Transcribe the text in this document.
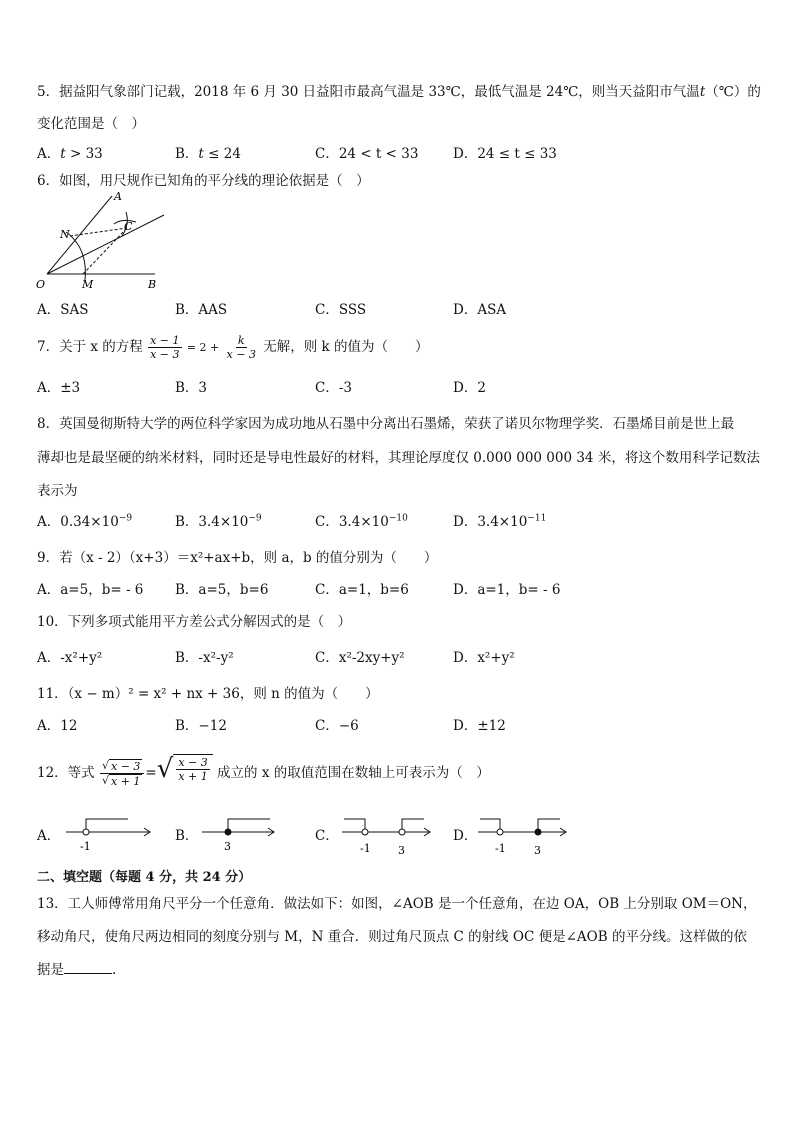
5．据益阳气象部门记载，2018 年 6 月 30 日益阳市最高气温是 33℃，最低气温是 24℃，则当天益阳市气温t（℃）的
变化范围是（　）
A．t > 33	B．t ≤ 24	C．24 < t < 33	D．24 ≤ t ≤ 33
6．如图，用尺规作已知角的平分线的理论依据是（　）
A
C
N
O	M	B
A．SAS	B．AAS	C．SSS	D．ASA
7．关于 x 的方程 $\frac{x - 1}{x - 3} = 2 + \frac{k}{x - 3}$ 无解，则 k 的值为（　　）
A．±3	B．3	C．-3	D．2
8．英国曼彻斯特大学的两位科学家因为成功地从石墨中分离出石墨烯，荣获了诺贝尔物理学奖．石墨烯目前是世上最
薄却也是最坚硬的纳米材料，同时还是导电性最好的材料，其理论厚度仅 0.000 000 000 34 米，将这个数用科学记数法
表示为
A．$0.34\times 10^{-9}$	B．$3.4\times 10^{-9}$	C．$3.4\times 10^{-10}$	D．$3.4\times 10^{-11}$
9．若（x - 2）（x+3）＝x²+ax+b，则 a，b 的值分别为（　　）
A．a=5，b= - 6 B．a=5，b=6	C．a=1，b=6	D．a=1，b= - 6
10．下列多项式能用平方差公式分解因式的是（　）
A．-x²+y²	B．-x²-y²	C．x²-2xy+y²	D．x²+y²
11．（x − m）² = x² + nx + 36，则 n 的值为（　　）
A．12	B．−12	C．−6	D．±12
12．等式 $\frac{√ x - 3}{√ x + 1}$ = √ $\frac{x - 3}{x + 1}$ 成立的 x 的取值范围在数轴上可表示为（　）
A．
-1
B．
3
C．
-1 3
D．
-1	3
二、填空题（每题 4 分，共 24 分）
13．工人师傅常用角尺平分一个任意角．做法如下：如图，∠AOB 是一个任意角，在边 OA，OB 上分别取 OM＝ON，
移动角尺，使角尺两边相同的刻度分别与 M，N 重合．则过角尺顶点 C 的射线 OC 便是∠AOB 的平分线。这样做的依
据是	.
